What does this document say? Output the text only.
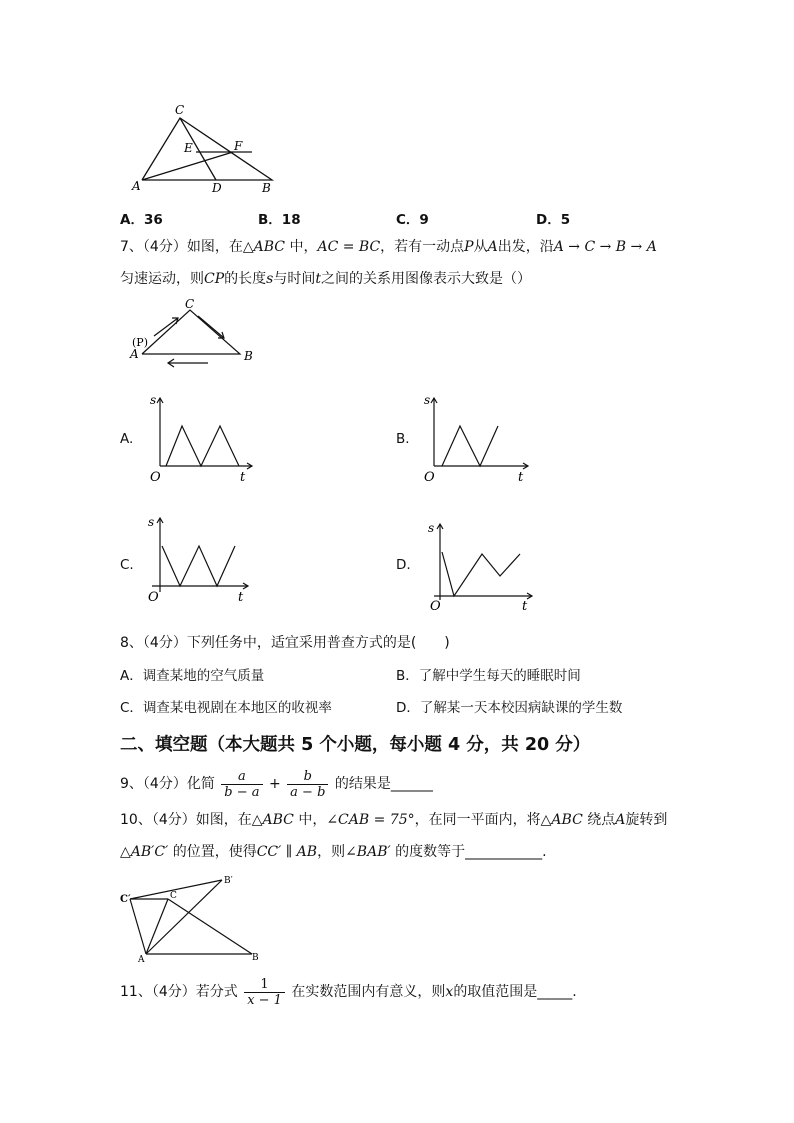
C
E	F
A	D	B
A．36	B．18	C．9	D．5
7、（4分）如图，在△ABC 中，AC = BC，若有一动点P从A出发，沿A → C → B → A
匀速运动，则CP的长度s与时间t之间的关系用图像表示大致是（）
C
(P)
A	B
A.
s
O	t
B.
s
O	t
C.
s
O	t
D.
s
O	t
8、（4分）下列任务中，适宜采用普查方式的是(　　)
A．调查某地的空气质量	B．了解中学生每天的睡眠时间
C．调查某电视剧在本地区的收视率	D．了解某一天本校因病缺课的学生数
二、填空题（本大题共 5 个小题，每小题 4 分，共 20 分）
9、（4分）化简 $\frac{a}{b - a} + \frac{b}{a - b}$ 的结果是______
10、（4分）如图，在△ABC 中，∠CAB = 75°，在同一平面内，将△ABC 绕点A旋转到
△AB′C′ 的位置，使得CC′ ∥ AB，则∠BAB′ 的度数等于___________.
C′	C
B′
A	B
11、（4分）若分式 $\frac{1}{x - 1}$ 在实数范围内有意义，则x的取值范围是_____.
